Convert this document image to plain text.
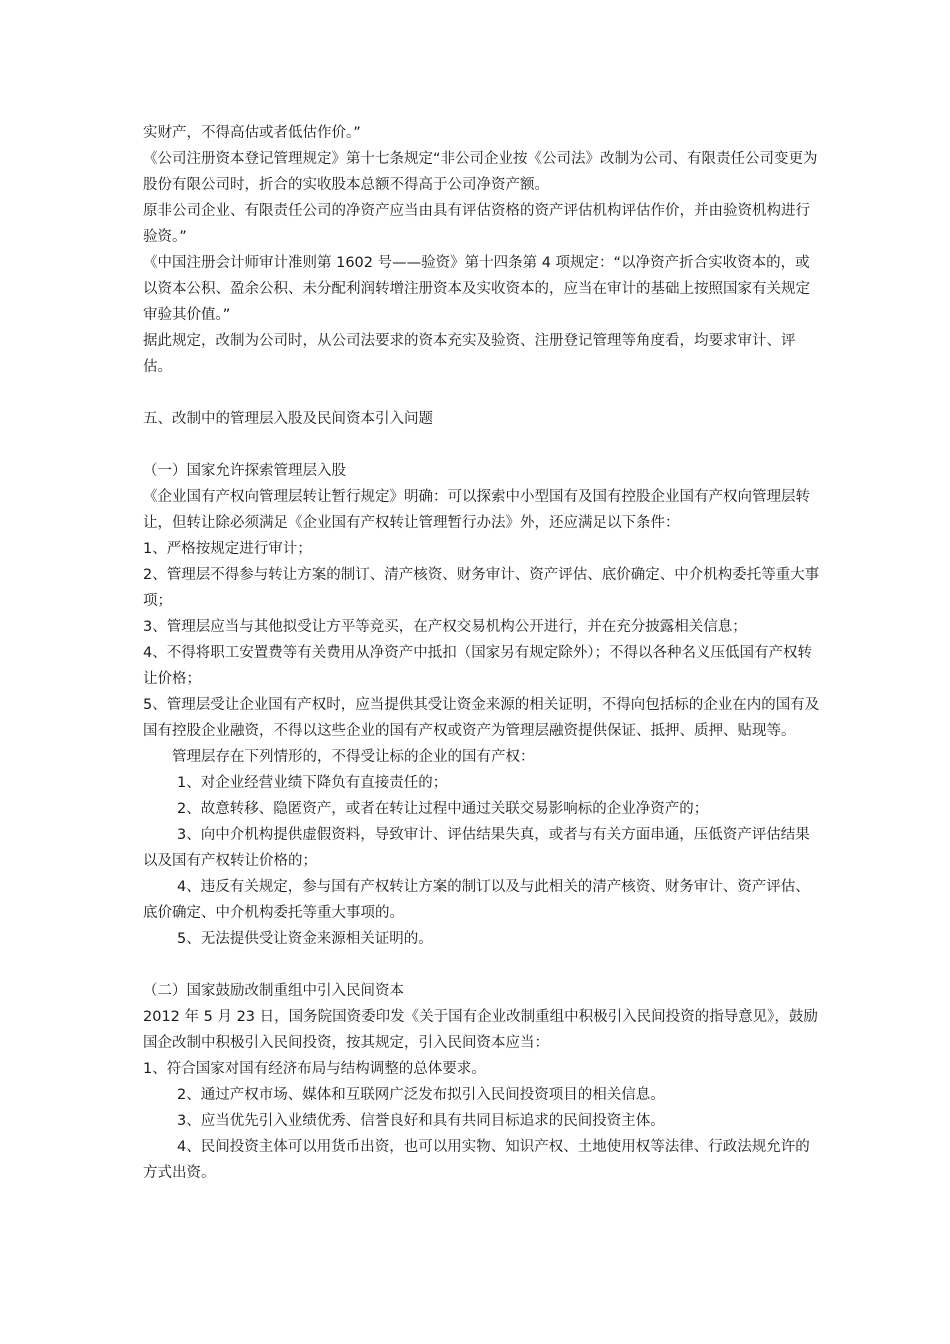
实财产，不得高估或者低估作价。”

《公司注册资本登记管理规定》第十七条规定“非公司企业按《公司法》改制为公司、有限责任公司变更为股份有限公司时，折合的实收股本总额不得高于公司净资产额。

原非公司企业、有限责任公司的净资产应当由具有评估资格的资产评估机构评估作价，并由验资机构进行验资。”

《中国注册会计师审计准则第 1602 号——验资》第十四条第 4 项规定：“以净资产折合实收资本的，或以资本公积、盈余公积、未分配利润转增注册资本及实收资本的，应当在审计的基础上按照国家有关规定审验其价值。”

据此规定，改制为公司时，从公司法要求的资本充实及验资、注册登记管理等角度看，均要求审计、评估。

五、改制中的管理层入股及民间资本引入问题

（一）国家允许探索管理层入股

《企业国有产权向管理层转让暂行规定》明确：可以探索中小型国有及国有控股企业国有产权向管理层转让，但转让除必须满足《企业国有产权转让管理暂行办法》外，还应满足以下条件：

1、严格按规定进行审计；

2、管理层不得参与转让方案的制订、清产核资、财务审计、资产评估、底价确定、中介机构委托等重大事项；

3、管理层应当与其他拟受让方平等竞买，在产权交易机构公开进行，并在充分披露相关信息；

4、不得将职工安置费等有关费用从净资产中抵扣（国家另有规定除外）；不得以各种名义压低国有产权转让价格；

5、管理层受让企业国有产权时，应当提供其受让资金来源的相关证明，不得向包括标的企业在内的国有及国有控股企业融资，不得以这些企业的国有产权或资产为管理层融资提供保证、抵押、质押、贴现等。

管理层存在下列情形的，不得受让标的企业的国有产权：

1、对企业经营业绩下降负有直接责任的；

2、故意转移、隐匿资产，或者在转让过程中通过关联交易影响标的企业净资产的；

3、向中介机构提供虚假资料，导致审计、评估结果失真，或者与有关方面串通，压低资产评估结果以及国有产权转让价格的；

4、违反有关规定，参与国有产权转让方案的制订以及与此相关的清产核资、财务审计、资产评估、底价确定、中介机构委托等重大事项的。

5、无法提供受让资金来源相关证明的。

（二）国家鼓励改制重组中引入民间资本

2012 年 5 月 23 日，国务院国资委印发《关于国有企业改制重组中积极引入民间投资的指导意见》，鼓励国企改制中积极引入民间投资，按其规定，引入民间资本应当：

1、符合国家对国有经济布局与结构调整的总体要求。

2、通过产权市场、媒体和互联网广泛发布拟引入民间投资项目的相关信息。

3、应当优先引入业绩优秀、信誉良好和具有共同目标追求的民间投资主体。

4、民间投资主体可以用货币出资，也可以用实物、知识产权、土地使用权等法律、行政法规允许的方式出资。
